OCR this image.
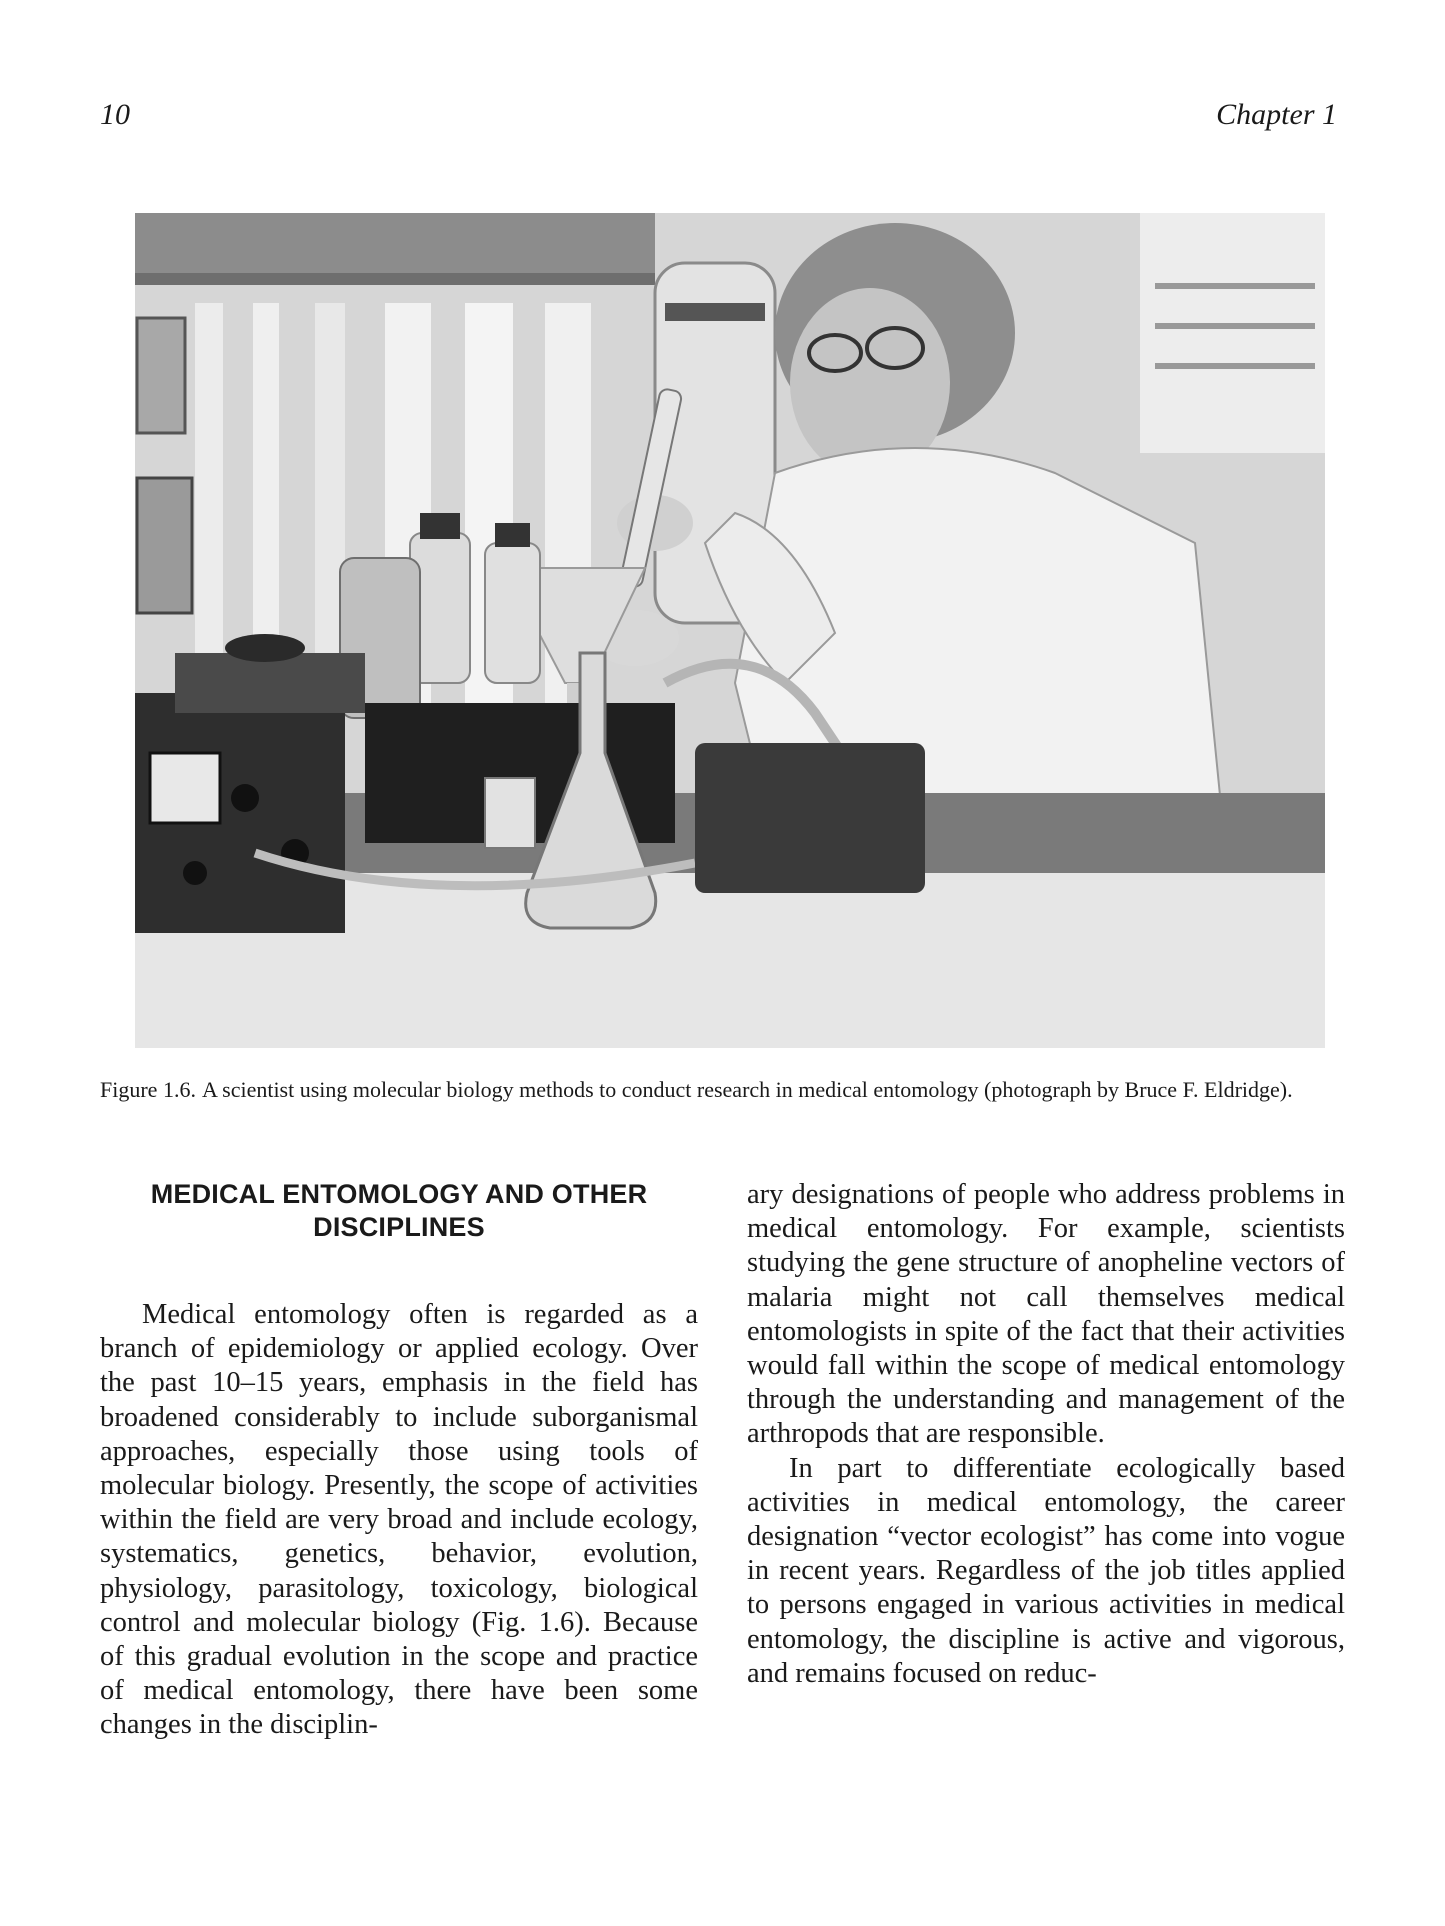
10	Chapter 1

Figure 1.6. A scientist using molecular biology methods to conduct research in medical entomology (photograph by Bruce F. Eldridge).

MEDICAL ENTOMOLOGY AND OTHER
DISCIPLINES

Medical entomology often is regarded as a branch of epidemiology or applied ecology. Over the past 10–15 years, emphasis in the field has broadened considerably to include suborganismal approaches, especially those using tools of molecular biology. Presently, the scope of activities within the field are very broad and include ecology, systematics, genetics, behavior, evolution, physiology, parasitology, toxicology, biological control and molecular biology (Fig. 1.6). Because of this gradual evolution in the scope and practice of medical entomology, there have been some changes in the disciplin-

ary designations of people who address problems in medical entomology. For example, scientists studying the gene structure of anopheline vectors of malaria might not call themselves medical entomologists in spite of the fact that their activities would fall within the scope of medical entomology through the understanding and management of the arthropods that are responsible.

In part to differentiate ecologically based activities in medical entomology, the career designation “vector ecologist” has come into vogue in recent years. Regardless of the job titles applied to persons engaged in various activities in medical entomology, the discipline is active and vigorous, and remains focused on reduc-
